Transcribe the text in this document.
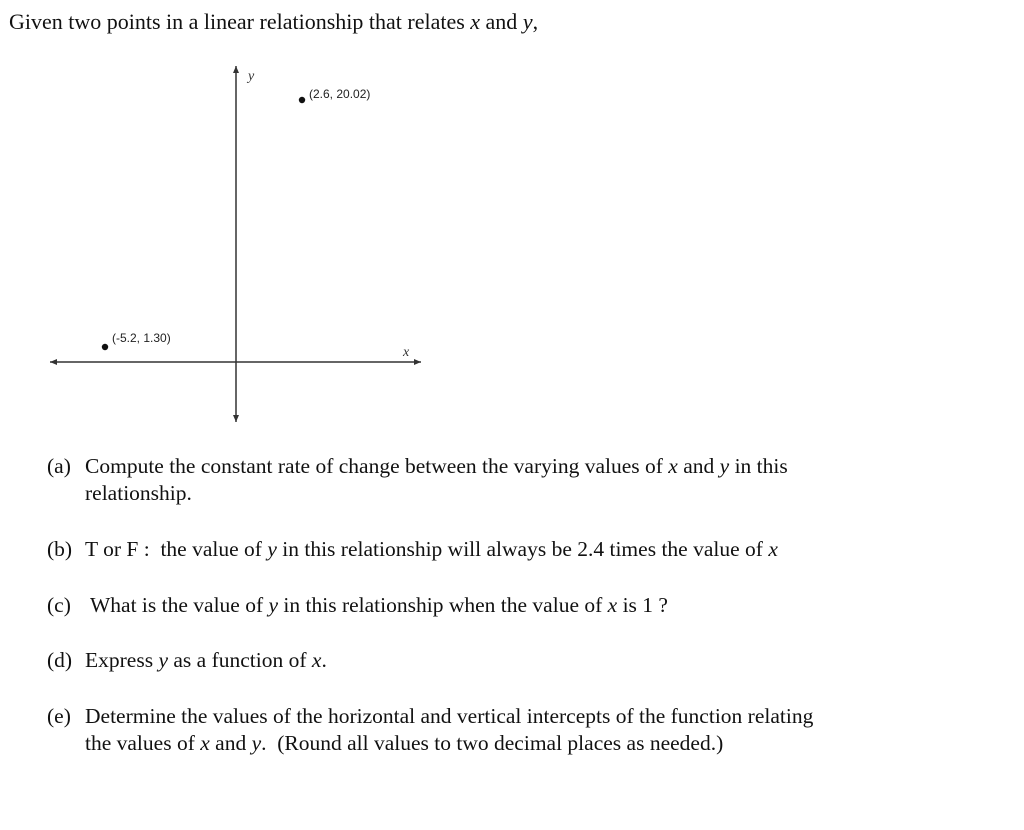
Given two points in a linear relationship that relates x and y,
y
x
(2.6, 20.02)
(-5.2, 1.30)
(a) Compute the constant rate of change between the varying values of x and y in this
relationship.
(b) T or F :  the value of y in this relationship will always be 2.4 times the value of x
(c) What is the value of y in this relationship when the value of x is 1 ?
(d) Express y as a function of x.
(e) Determine the values of the horizontal and vertical intercepts of the function relating
the values of x and y.  (Round all values to two decimal places as needed.)
